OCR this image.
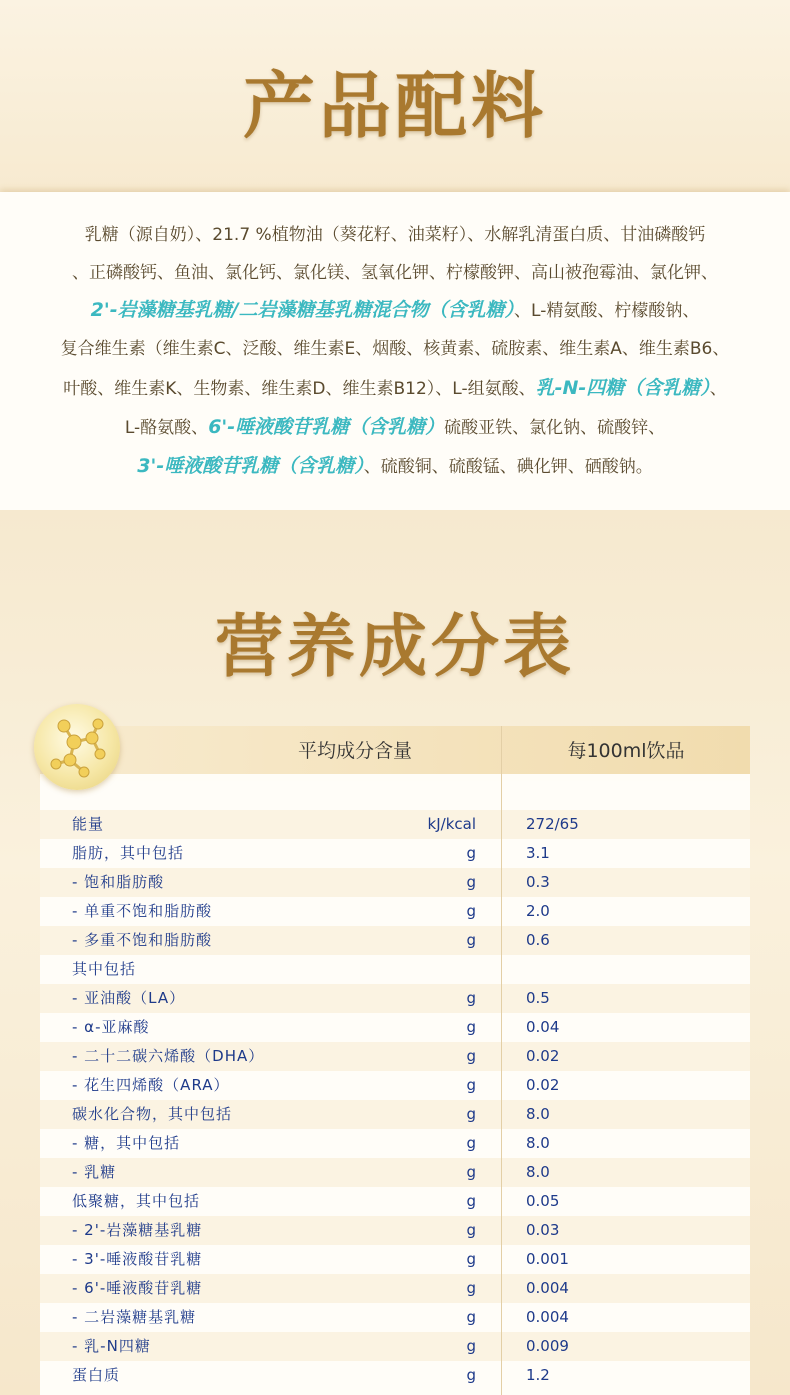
产品配料
乳糖（源自奶）、21.7 %植物油（葵花籽、油菜籽）、水解乳清蛋白质、甘油磷酸钙
、正磷酸钙、鱼油、氯化钙、氯化镁、氢氧化钾、柠檬酸钾、高山被孢霉油、氯化钾、
2'-岩藻糖基乳糖/二岩藻糖基乳糖混合物（含乳糖）、L-精氨酸、柠檬酸钠、
复合维生素（维生素C、泛酸、维生素E、烟酸、核黄素、硫胺素、维生素A、维生素B6、
叶酸、维生素K、生物素、维生素D、维生素B12）、L-组氨酸、乳-N-四糖（含乳糖）、
L-酪氨酸、6'-唾液酸苷乳糖（含乳糖）硫酸亚铁、氯化钠、硫酸锌、
3'-唾液酸苷乳糖（含乳糖）、硫酸铜、硫酸锰、碘化钾、硒酸钠。
营养成分表
平均成分含量	每100ml饮品
能量	kJ/kcal	272/65
脂肪，其中包括	g	3.1
- 饱和脂肪酸	g	0.3
- 单重不饱和脂肪酸	g	2.0
- 多重不饱和脂肪酸	g	0.6
其中包括
- 亚油酸（LA）	g	0.5
- α-亚麻酸	g	0.04
- 二十二碳六烯酸（DHA）	g	0.02
- 花生四烯酸（ARA）	g	0.02
碳水化合物，其中包括	g	8.0
- 糖，其中包括	g	8.0
- 乳糖	g	8.0
低聚糖，其中包括	g	0.05
- 2'-岩藻糖基乳糖	g	0.03
- 3'-唾液酸苷乳糖	g	0.001
- 6'-唾液酸苷乳糖	g	0.004
- 二岩藻糖基乳糖	g	0.004
- 乳-N四糖	g	0.009
蛋白质	g	1.2
